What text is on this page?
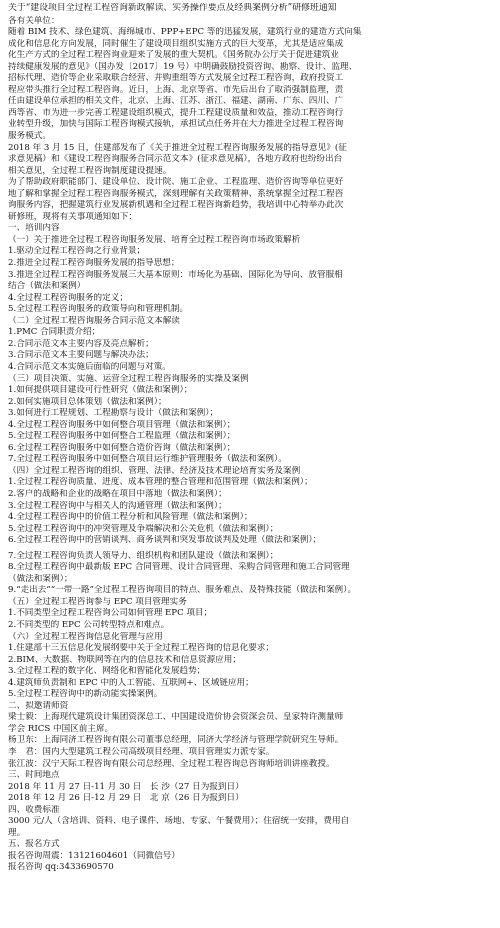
关于“建设项目全过程工程咨询新政解读、实务操作要点及经典案例分析”研修班通知
各有关单位：
随着 BIM 技术、绿色建筑、海绵城市、PPP+EPC 等的迅猛发展，建筑行业的建造方式向集
成化和信息化方向发展，同时催生了建设项目组织实施方式的巨大变革，尤其是适应集成
化生产方式的全过程工程咨询业迎来了发展的重大契机。《国务院办公厅关于促进建筑业
持续健康发展的意见》（国办发〔2017〕19 号）中明确鼓励投资咨询、勘察、设计、监理、
招标代理、造价等企业采取联合经营、并购重组等方式发展全过程工程咨询，政府投资工
程应带头推行全过程工程咨询。近日，上海、北京等省、市先后出台了取消强制监理，责
任由建设单位承担的相关文件，北京、上海、江苏、浙江、福建、湖南、广东、四川、广
西等省、市为进一步完善工程建设组织模式，提升工程建设质量和效益，推动工程咨询行
业转型升级，加快与国际工程咨询模式接轨，承担试点任务并在大力推进全过程工程咨询
服务模式。
2018 年 3 月 15 日，住建部发布了《关于推进全过程工程咨询服务发展的指导意见》(征
求意见稿）和《建设工程咨询服务合同示范文本》(征求意见稿），各地方政府也纷纷出台
相关意见，全过程工程咨询制度建设提速。
为了帮助政府职能部门、建设单位、设计院、施工企业、工程监理、造价咨询等单位更好
地了解和掌握全过程工程咨询服务模式，深刻理解有关政策精神、系统掌握全过程工程咨
询服务内容，把握建筑行业发展新机遇和全过程工程咨询新趋势，我培训中心特举办此次
研修班，现将有关事项通知如下：
一、培训内容
（一）关于推进全过程工程咨询服务发展、培育全过程工程咨询市场政策解析
1.驱动全过程工程咨询之行业背景；
2.推进全过程工程咨询服务发展的指导思想；
3.推进全过程工程咨询服务发展三大基本原则：市场化为基础、国际化为导向、放管服相
结合（做法和案例）
4.全过程工程咨询服务的定义；
5.全过程工程咨询服务的政策导向和管理机制。
（二）全过程工程咨询服务合同示范文本解读
1.PMC 合同职责介绍；
2.合同示范文本主要内容及亮点解析；
3.合同示范文本主要问题与解决办法；
4.合同示范文本实施后面临的问题与对策。
（三）项目决策、实施、运营全过程工程咨询服务的实操及案例
1.如何提供项目建设可行性研究（做法和案例）；
2.如何实施项目总体策划（做法和案例）；
3.如何进行工程规划、工程勘察与设计（做法和案例）；
4.全过程工程咨询服务中如何整合项目管理（做法和案例）；
5.全过程工程咨询服务中如何整合工程监理（做法和案例）；
6.全过程工程咨询服务中如何整合造价咨询（做法和案例）；
7.全过程工程咨询服务中如何整合项目运行维护管理服务（做法和案例）。
（四）全过程工程咨询的组织、管理、法律、经济及技术理论培育实务及案例
1.全过程工程咨询质量、进度、成本管理的整合管理和范围管理（做法和案例）；
2.客户的战略和企业的战略在项目中落地（做法和案例）；
3.全过程工程咨询中与相关人的沟通管理（做法和案例）；
4.全过程工程咨询中的价值工程分析和风险管理（做法和案例）；
5.全过程工程咨询中的冲突管理及争端解决和公关危机（做法和案例）；
6.全过程工程咨询中的营销谈判、商务谈判和突发事故谈判及处理（做法和案例）；
7.全过程工程咨询负责人领导力、组织机构和团队建设（做法和案例）；
8.全过程工程咨询中最新版 EPC 合同管理、设计合同管理、采购合同管理和施工合同管理
（做法和案例）；
9.“走出去”“一带一路”全过程工程咨询项目的特点、服务难点、及特殊技能（做法和案例）。
（五）全过程工程咨询参与 EPC 项目管理实务
1.不同类型全过程工程咨询公司如何管理 EPC 项目；
2.不同类型的 EPC 公司转型特点和难点。
（六）全过程工程咨询信息化管理与应用
1.住建部十三五信息化发展纲要中关于全过程工程咨询的信息化要求；
2.BIM、大数据、物联网等在内的信息技术和信息资源应用；
3.全过程工程的数字化、网络化和智能化发展趋势；
4.建筑师负责制和 EPC 中的人工智能、互联网+、区域链应用；
5.全过程工程咨询中的新动能实操案例。
二、拟邀请师资
梁士毅：上海现代建筑设计集团资深总工、中国建设造价协会资深会员、皇家特许测量师
学会 RICS 中国区前主席。
杨卫东：上海同济工程咨询有限公司董事总经理，同济大学经济与管理学院研究生导师。
李　君：国内大型建筑工程公司高级项目经理、项目管理实力派专家。
张江波：汉宁天际工程咨询有限公司总经理、全过程工程咨询总咨询师培训讲座教授。
三、时间地点
2018 年 11 月 27 日-11 月 30 日　长 沙（27 日为报到日）
2018 年 12 月 26 日-12 月 29 日　北 京（26 日为报到日）
四、收费标准
3000 元/人（含培训、资料、电子课件、场地、专家、午餐费用）；住宿统一安排，费用自
理。
五、报名方式
报名咨询周震：13121604601（同微信号）
报名咨询 qq:3433690570
